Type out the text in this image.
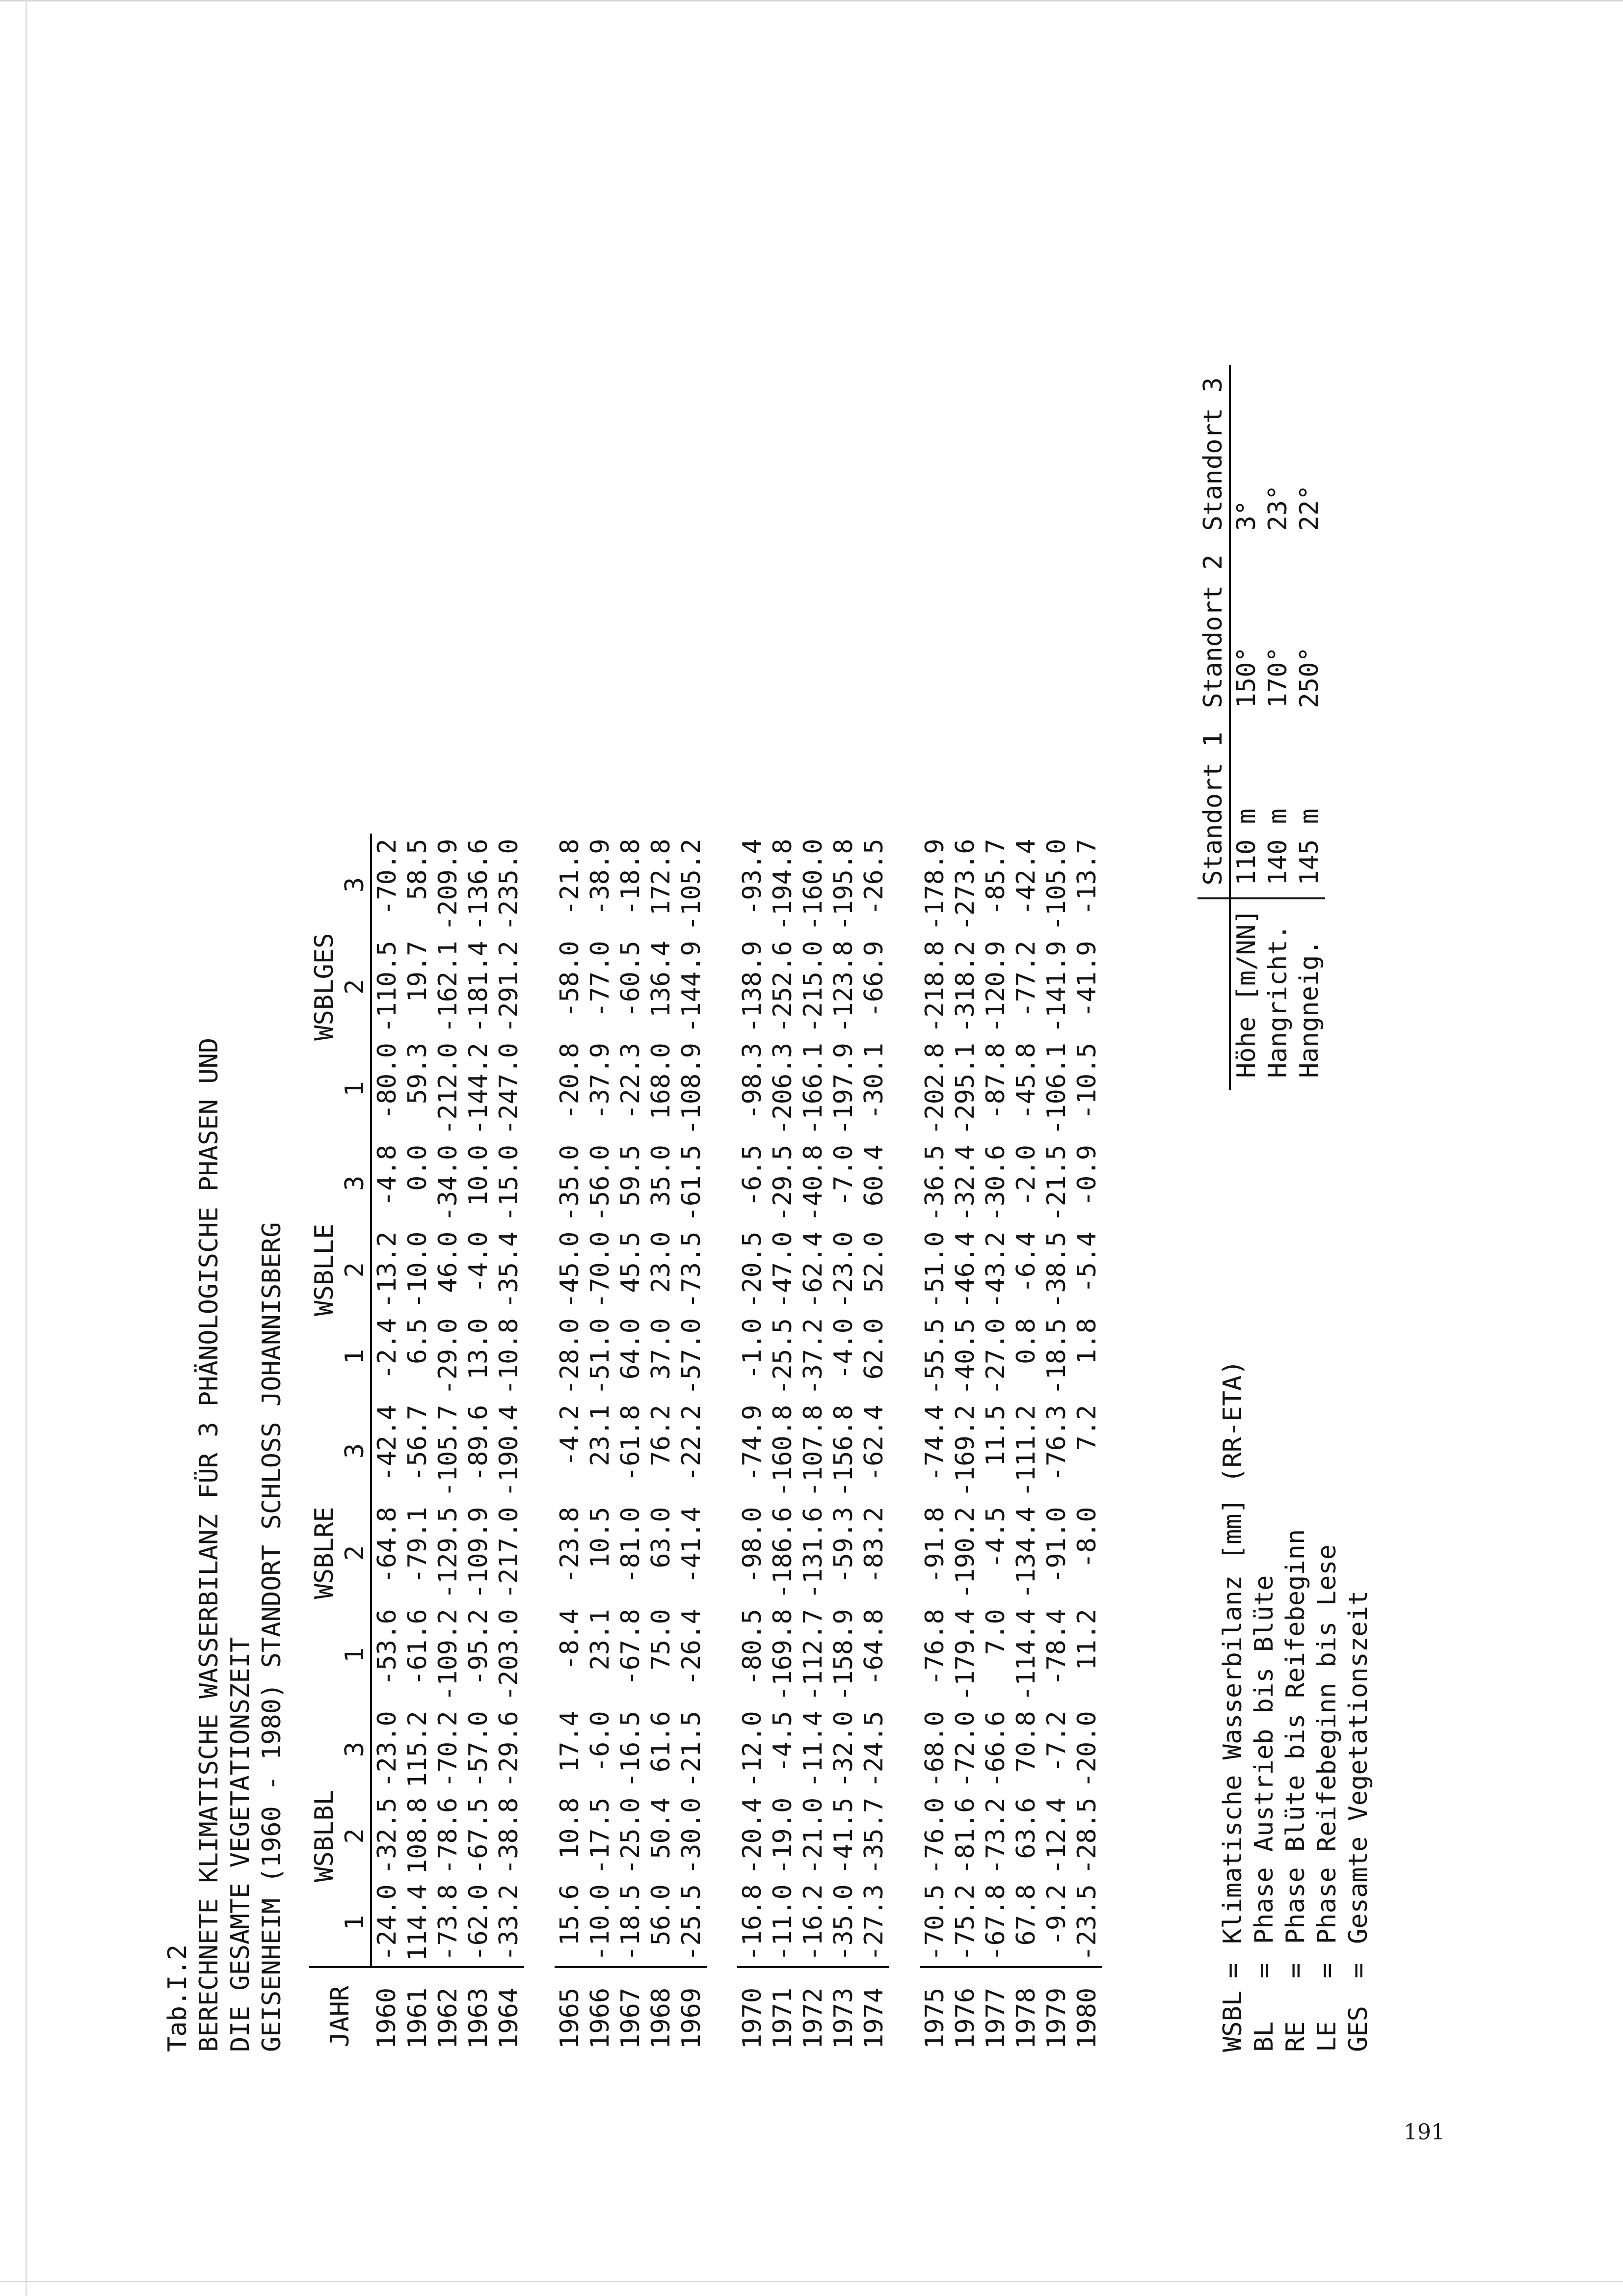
Tab.I.2 BERECHNETE KLIMATISCHE WASSERBILANZ FÜR 3 PHÄNOLOGISCHE PHASEN UND DIE GESAMTE VEGETATIONSZEIT GEISENHEIM (1960 - 1980) STANDORT SCHLOSS JOHANNISBERG JAHR	WSBLBL			WSBLRE			WSBLLE			WSBLGES		
	1	2	3	1	2	3	1	2	3	1	2	3
1960	-24.0	-32.5	-23.0	-53.6	-64.8	-42.4	-2.4	-13.2	-4.8	-80.0	-110.5	-70.2
1961	114.4	108.8	115.2	-61.6	-79.1	-56.7	6.5	-10.0	0.0	59.3	19.7	58.5
1962	-73.8	-78.6	-70.2	-109.2	-129.5	-105.7	-29.0	46.0	-34.0	-212.0	-162.1	-209.9
1963	-62.0	-67.5	-57.0	-95.2	-109.9	-89.6	13.0	-4.0	10.0	-144.2	-181.4	-136.6
1964	-33.2	-38.8	-29.6	-203.0	-217.0	-190.4	-10.8	-35.4	-15.0	-247.0	-291.2	-235.0

1965	15.6	10.8	17.4	-8.4	-23.8	-4.2	-28.0	-45.0	-35.0	-20.8	-58.0	-21.8
1966	-10.0	-17.5	-6.0	23.1	10.5	23.1	-51.0	-70.0	-56.0	-37.9	-77.0	-38.9
1967	-18.5	-25.0	-16.5	-67.8	-81.0	-61.8	64.0	45.5	59.5	-22.3	-60.5	-18.8
1968	56.0	50.4	61.6	75.0	63.0	76.2	37.0	23.0	35.0	168.0	136.4	172.8
1969	-25.5	-30.0	-21.5	-26.4	-41.4	-22.2	-57.0	-73.5	-61.5	-108.9	-144.9	-105.2

1970	-16.8	-20.4	-12.0	-80.5	-98.0	-74.9	-1.0	-20.5	-6.5	-98.3	-138.9	-93.4
1971	-11.0	-19.0	-4.5	-169.8	-186.6	-160.8	-25.5	-47.0	-29.5	-206.3	-252.6	-194.8
1972	-16.2	-21.0	-11.4	-112.7	-131.6	-107.8	-37.2	-62.4	-40.8	-166.1	-215.0	-160.0
1973	-35.0	-41.5	-32.0	-158.9	-59.3	-156.8	-4.0	-23.0	-7.0	-197.9	-123.8	-195.8
1974	-27.3	-35.7	-24.5	-64.8	-83.2	-62.4	62.0	52.0	60.4	-30.1	-66.9	-26.5

1975	-70.5	-76.0	-68.0	-76.8	-91.8	-74.4	-55.5	-51.0	-36.5	-202.8	-218.8	-178.9
1976	-75.2	-81.6	-72.0	-179.4	-190.2	-169.2	-40.5	-46.4	-32.4	-295.1	-318.2	-273.6
1977	-67.8	-73.2	-66.6	7.0	-4.5	11.5	-27.0	-43.2	-30.6	-87.8	-120.9	-85.7
1978	67.8	63.6	70.8	-114.4	-134.4	-111.2	0.8	-6.4	-2.0	-45.8	-77.2	-42.4
1979	-9.2	-12.4	-7.2	-78.4	-91.0	-76.3	-18.5	-38.5	-21.5	-106.1	-141.9	-105.0
1980	-23.5	-28.5	-20.0	11.2	-8.0	7.2	1.8	-5.4	-0.9	-10.5	-41.9	-13.7
WSBL=Klimatische Wasserbilanz [mm] (RR-ETA)
BL=Phase Austrieb bis Blüte
RE=Phase Blüte bis Reifebeginn
LE=Phase Reifebeginn bis Lese
GES=Gesamte Vegetationszeit
	Standort 1	Standort 2	Standort 3
Höhe [m/NN]	110 m	150°	3°
Hangricht.	140 m	170°	23°
Hangneig.	145 m	250°	22°
191
